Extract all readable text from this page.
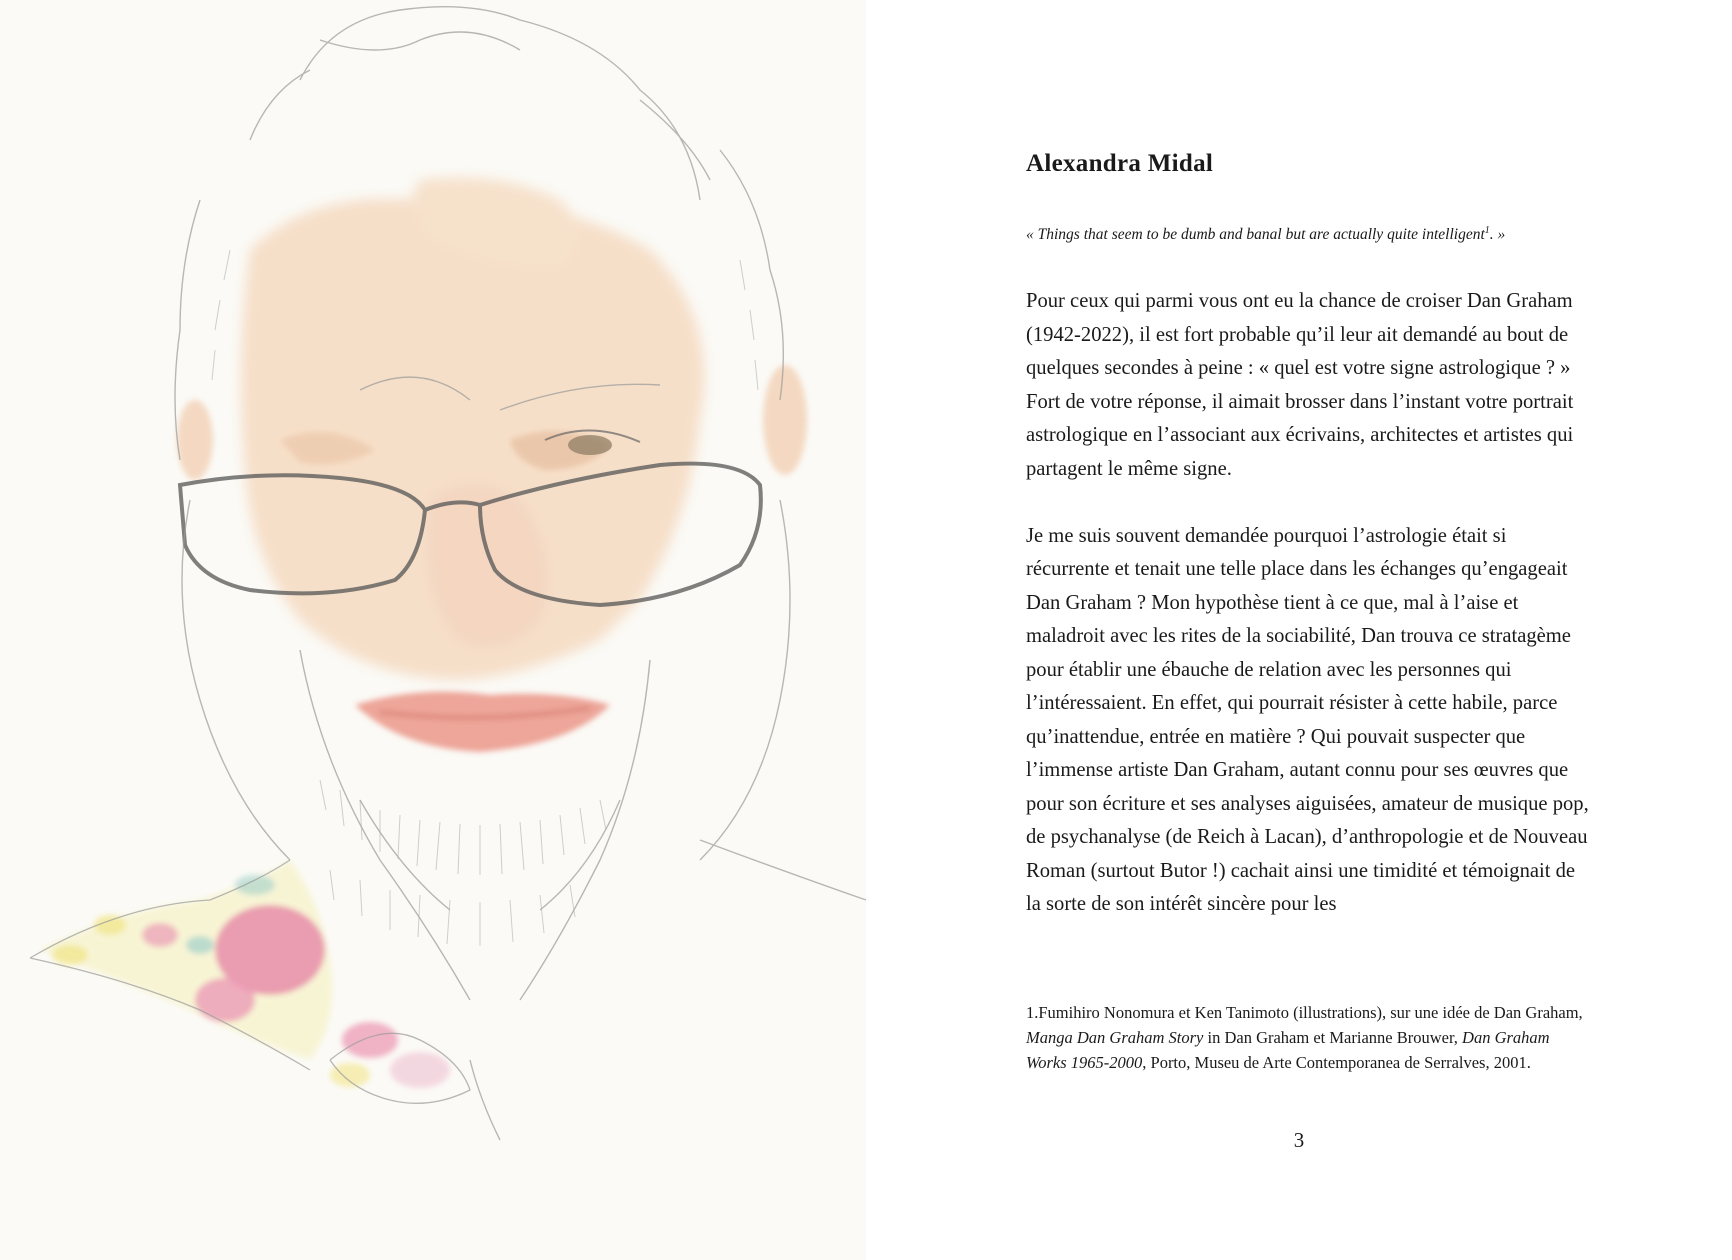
Alexandra Midal

« Things that seem to be dumb and banal but are actually quite intelligent$^1$. »

Pour ceux qui parmi vous ont eu la chance de croiser Dan Graham (1942-2022), il est fort probable qu’il leur ait demandé au bout de quelques secondes à peine : « quel est votre signe astrologique ? » Fort de votre réponse, il aimait brosser dans l’instant votre portrait astrologique en l’associant aux écrivains, architectes et artistes qui partagent le même signe.

Je me suis souvent demandée pourquoi l’astrologie était si récurrente et tenait une telle place dans les échanges qu’engageait Dan Graham ? Mon hypothèse tient à ce que, mal à l’aise et maladroit avec les rites de la sociabilité, Dan trouva ce stratagème pour établir une ébauche de relation avec les personnes qui l’intéressaient. En effet, qui pourrait résister à cette habile, parce qu’inattendue, entrée en matière ? Qui pouvait suspecter que l’immense artiste Dan Graham, autant connu pour ses œuvres que pour son écriture et ses analyses aiguisées, amateur de musique pop, de psychanalyse (de Reich à Lacan), d’anthropologie et de Nouveau Roman (surtout Butor !) cachait ainsi une timidité et témoignait de la sorte de son intérêt sincère pour les

1.Fumihiro Nonomura et Ken Tanimoto (illustrations), sur une idée de Dan Graham, Manga Dan Graham Story in Dan Graham et Marianne Brouwer, Dan Graham Works 1965-2000, Porto, Museu de Arte Contemporanea de Serralves, 2001.

3
